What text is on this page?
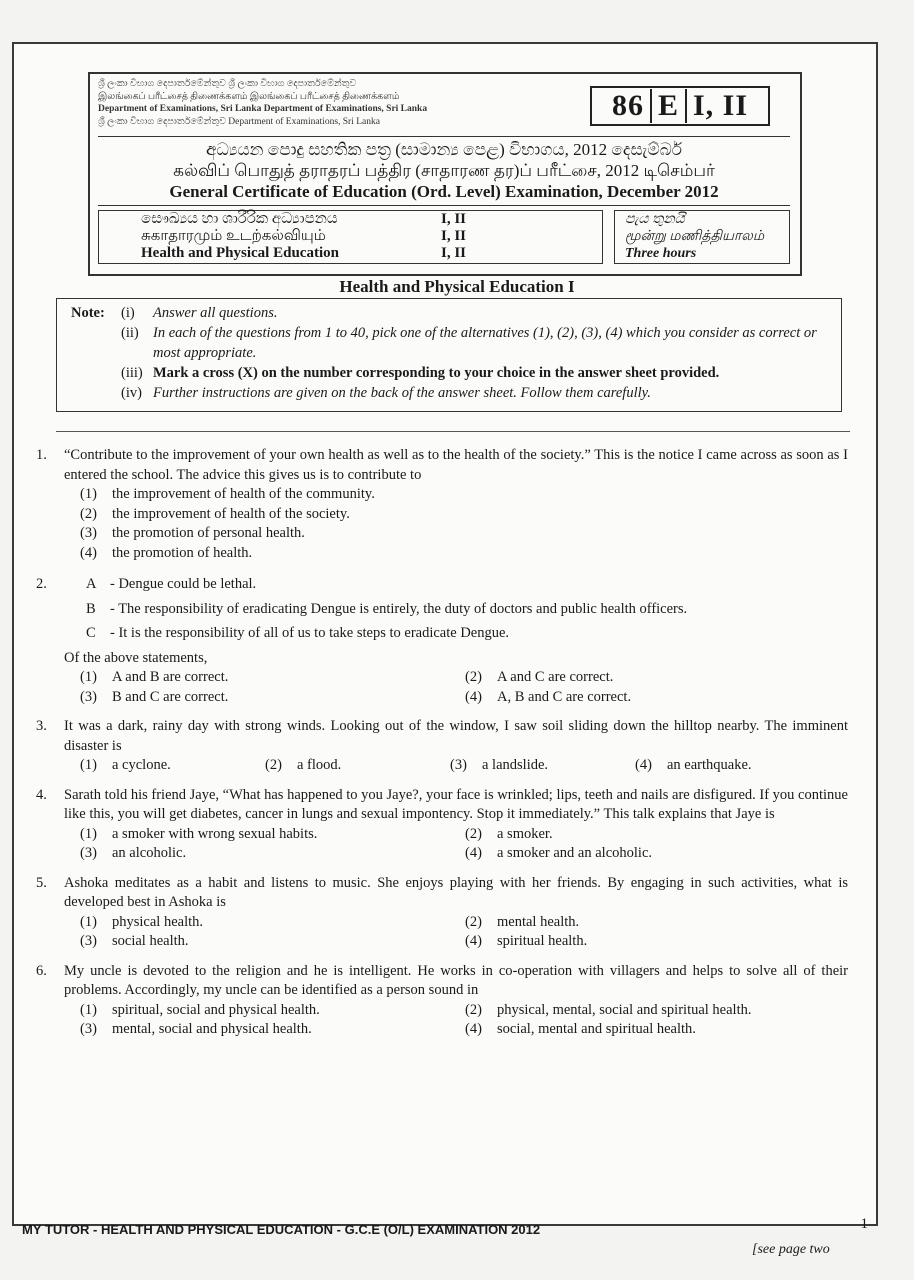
ශ්‍රී ලංකා විභාග දෙපාර්තමේන්තුව ශ්‍රී ලංකා විභාග දෙපාර්තමේන්තුව
இலங்கைப் பரீட்சைத் திணைக்களம் இலங்கைப் பரீட்சைத் திணைக்களம்
Department of Examinations, Sri Lanka Department of Examinations, Sri Lanka
ශ්‍රී ලංකා විභාග දෙපාර්තමේන්තුව Department of Examinations, Sri Lanka	86 E I, II
අධ්‍යයන පොදු සහතික පත්‍ර (සාමාන්‍ය පෙළ) විභාගය, 2012 දෙසැම්බර්
கல்விப் பொதுத் தராதரப் பத்திர (சாதாரண தர)ப் பரீட்சை, 2012 டிசெம்பர்
General Certificate of Education (Ord. Level) Examination, December 2012
සෞඛ්‍යය හා ශාරීරික අධ්‍යාපනය	I, II
சுகாதாரமும் உடற்கல்வியும்	I, II
Health and Physical Education	I, II
පැය තුනයි
மூன்று மணித்தியாலம்
Three hours
Health and Physical Education I
Note: (i)	Answer all questions.
(ii) In each of the questions from 1 to 40, pick one of the alternatives (1), (2), (3), (4) which you consider as correct or most appropriate.
(iii) Mark a cross (X) on the number corresponding to your choice in the answer sheet provided.
(iv) Further instructions are given on the back of the answer sheet. Follow them carefully.
1. “Contribute to the improvement of your own health as well as to the health of the society.” This is the notice I came across as soon as I entered the school. The advice this gives us is to contribute to
(1) the improvement of health of the community.
(2) the improvement of health of the society.
(3) the promotion of personal health.
(4) the promotion of health.
2.	A - Dengue could be lethal.
B - The responsibility of eradicating Dengue is entirely, the duty of doctors and public health officers.
C - It is the responsibility of all of us to take steps to eradicate Dengue.
Of the above statements,
(1) A and B are correct.	(2) A and C are correct.
(3) B and C are correct.	(4) A, B and C are correct.
3. It was a dark, rainy day with strong winds. Looking out of the window, I saw soil sliding down the hilltop nearby. The imminent disaster is
(1) a cyclone.	(2) a flood.	(3) a landslide.	(4) an earthquake.
4. Sarath told his friend Jaye, “What has happened to you Jaye?, your face is wrinkled; lips, teeth and nails are disfigured. If you continue like this, you will get diabetes, cancer in lungs and sexual impontency. Stop it immediately.” This talk explains that Jaye is
(1) a smoker with wrong sexual habits.	(2) a smoker.
(3) an alcoholic.	(4) a smoker and an alcoholic.
5. Ashoka meditates as a habit and listens to music. She enjoys playing with her friends. By engaging in such activities, what is developed best in Ashoka is
(1) physical health.	(2) mental health.
(3) social health.	(4) spiritual health.
6. My uncle is devoted to the religion and he is intelligent. He works in co-operation with villagers and helps to solve all of their problems. Accordingly, my uncle can be identified as a person sound in
(1) spiritual, social and physical health.	(2) physical, mental, social and spiritual health.
(3) mental, social and physical health.	(4) social, mental and spiritual health.
MY TUTOR - HEALTH AND PHYSICAL EDUCATION - G.C.E (O/L) EXAMINATION 2012	1
[see page two
